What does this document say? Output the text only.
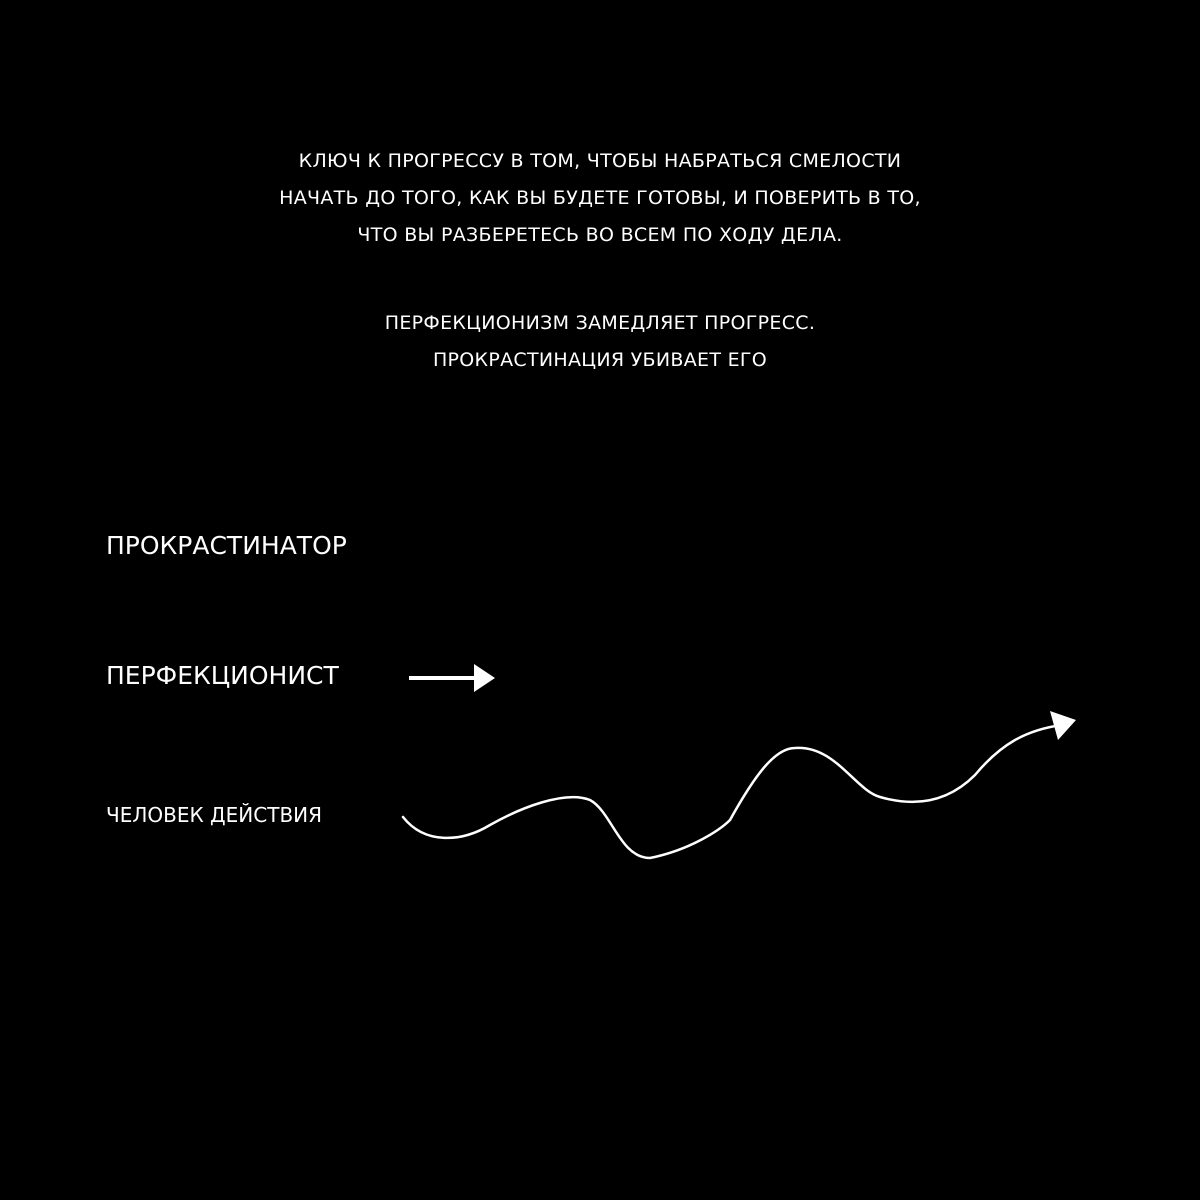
КЛЮЧ К ПРОГРЕССУ В ТОМ, ЧТОБЫ НАБРАТЬСЯ СМЕЛОСТИ
НАЧАТЬ ДО ТОГО, КАК ВЫ БУДЕТЕ ГОТОВЫ, И ПОВЕРИТЬ В ТО,
ЧТО ВЫ РАЗБЕРЕТЕСЬ ВО ВСЕМ ПО ХОДУ ДЕЛА.
ПЕРФЕКЦИОНИЗМ ЗАМЕДЛЯЕТ ПРОГРЕСС.
ПРОКРАСТИНАЦИЯ УБИВАЕТ ЕГО
ПРОКРАСТИНАТОР
ПЕРФЕКЦИОНИСТ
ЧЕЛОВЕК ДЕЙСТВИЯ
